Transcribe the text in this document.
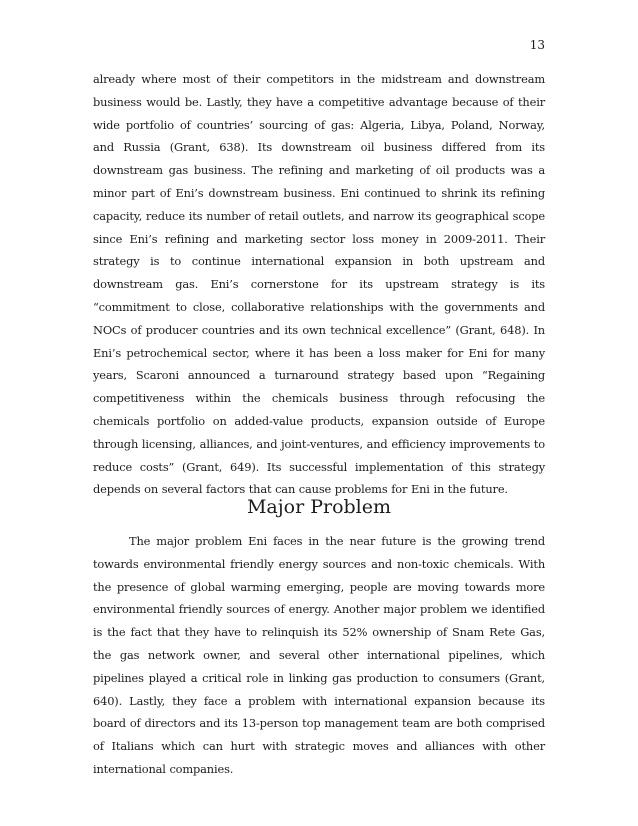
13

already where most of their competitors in the midstream and downstream business would be. Lastly, they have a competitive advantage because of their wide portfolio of countries’ sourcing of gas: Algeria, Libya, Poland, Norway, and Russia (Grant, 638). Its downstream oil business differed from its downstream gas business. The refining and marketing of oil products was a minor part of Eni’s downstream business. Eni continued to shrink its refining capacity, reduce its number of retail outlets, and narrow its geographical scope since Eni’s refining and marketing sector loss money in 2009-2011. Their strategy is to continue international expansion in both upstream and downstream gas. Eni’s cornerstone for its upstream strategy is its “commitment to close, collaborative relationships with the governments and NOCs of producer countries and its own technical excellence” (Grant, 648). In Eni’s petrochemical sector, where it has been a loss maker for Eni for many years, Scaroni announced a turnaround strategy based upon “Regaining competitiveness within the chemicals business through refocusing the chemicals portfolio on added-value products, expansion outside of Europe through licensing, alliances, and joint-ventures, and efficiency improvements to reduce costs” (Grant, 649). Its successful implementation of this strategy depends on several factors that can cause problems for Eni in the future.

Major Problem

The major problem Eni faces in the near future is the growing trend towards environmental friendly energy sources and non-toxic chemicals. With the presence of global warming emerging, people are moving towards more environmental friendly sources of energy. Another major problem we identified is the fact that they have to relinquish its 52% ownership of Snam Rete Gas, the gas network owner, and several other international pipelines, which pipelines played a critical role in linking gas production to consumers (Grant, 640). Lastly, they face a problem with international expansion because its board of directors and its 13-person top management team are both comprised of Italians which can hurt with strategic moves and alliances with other international companies.
